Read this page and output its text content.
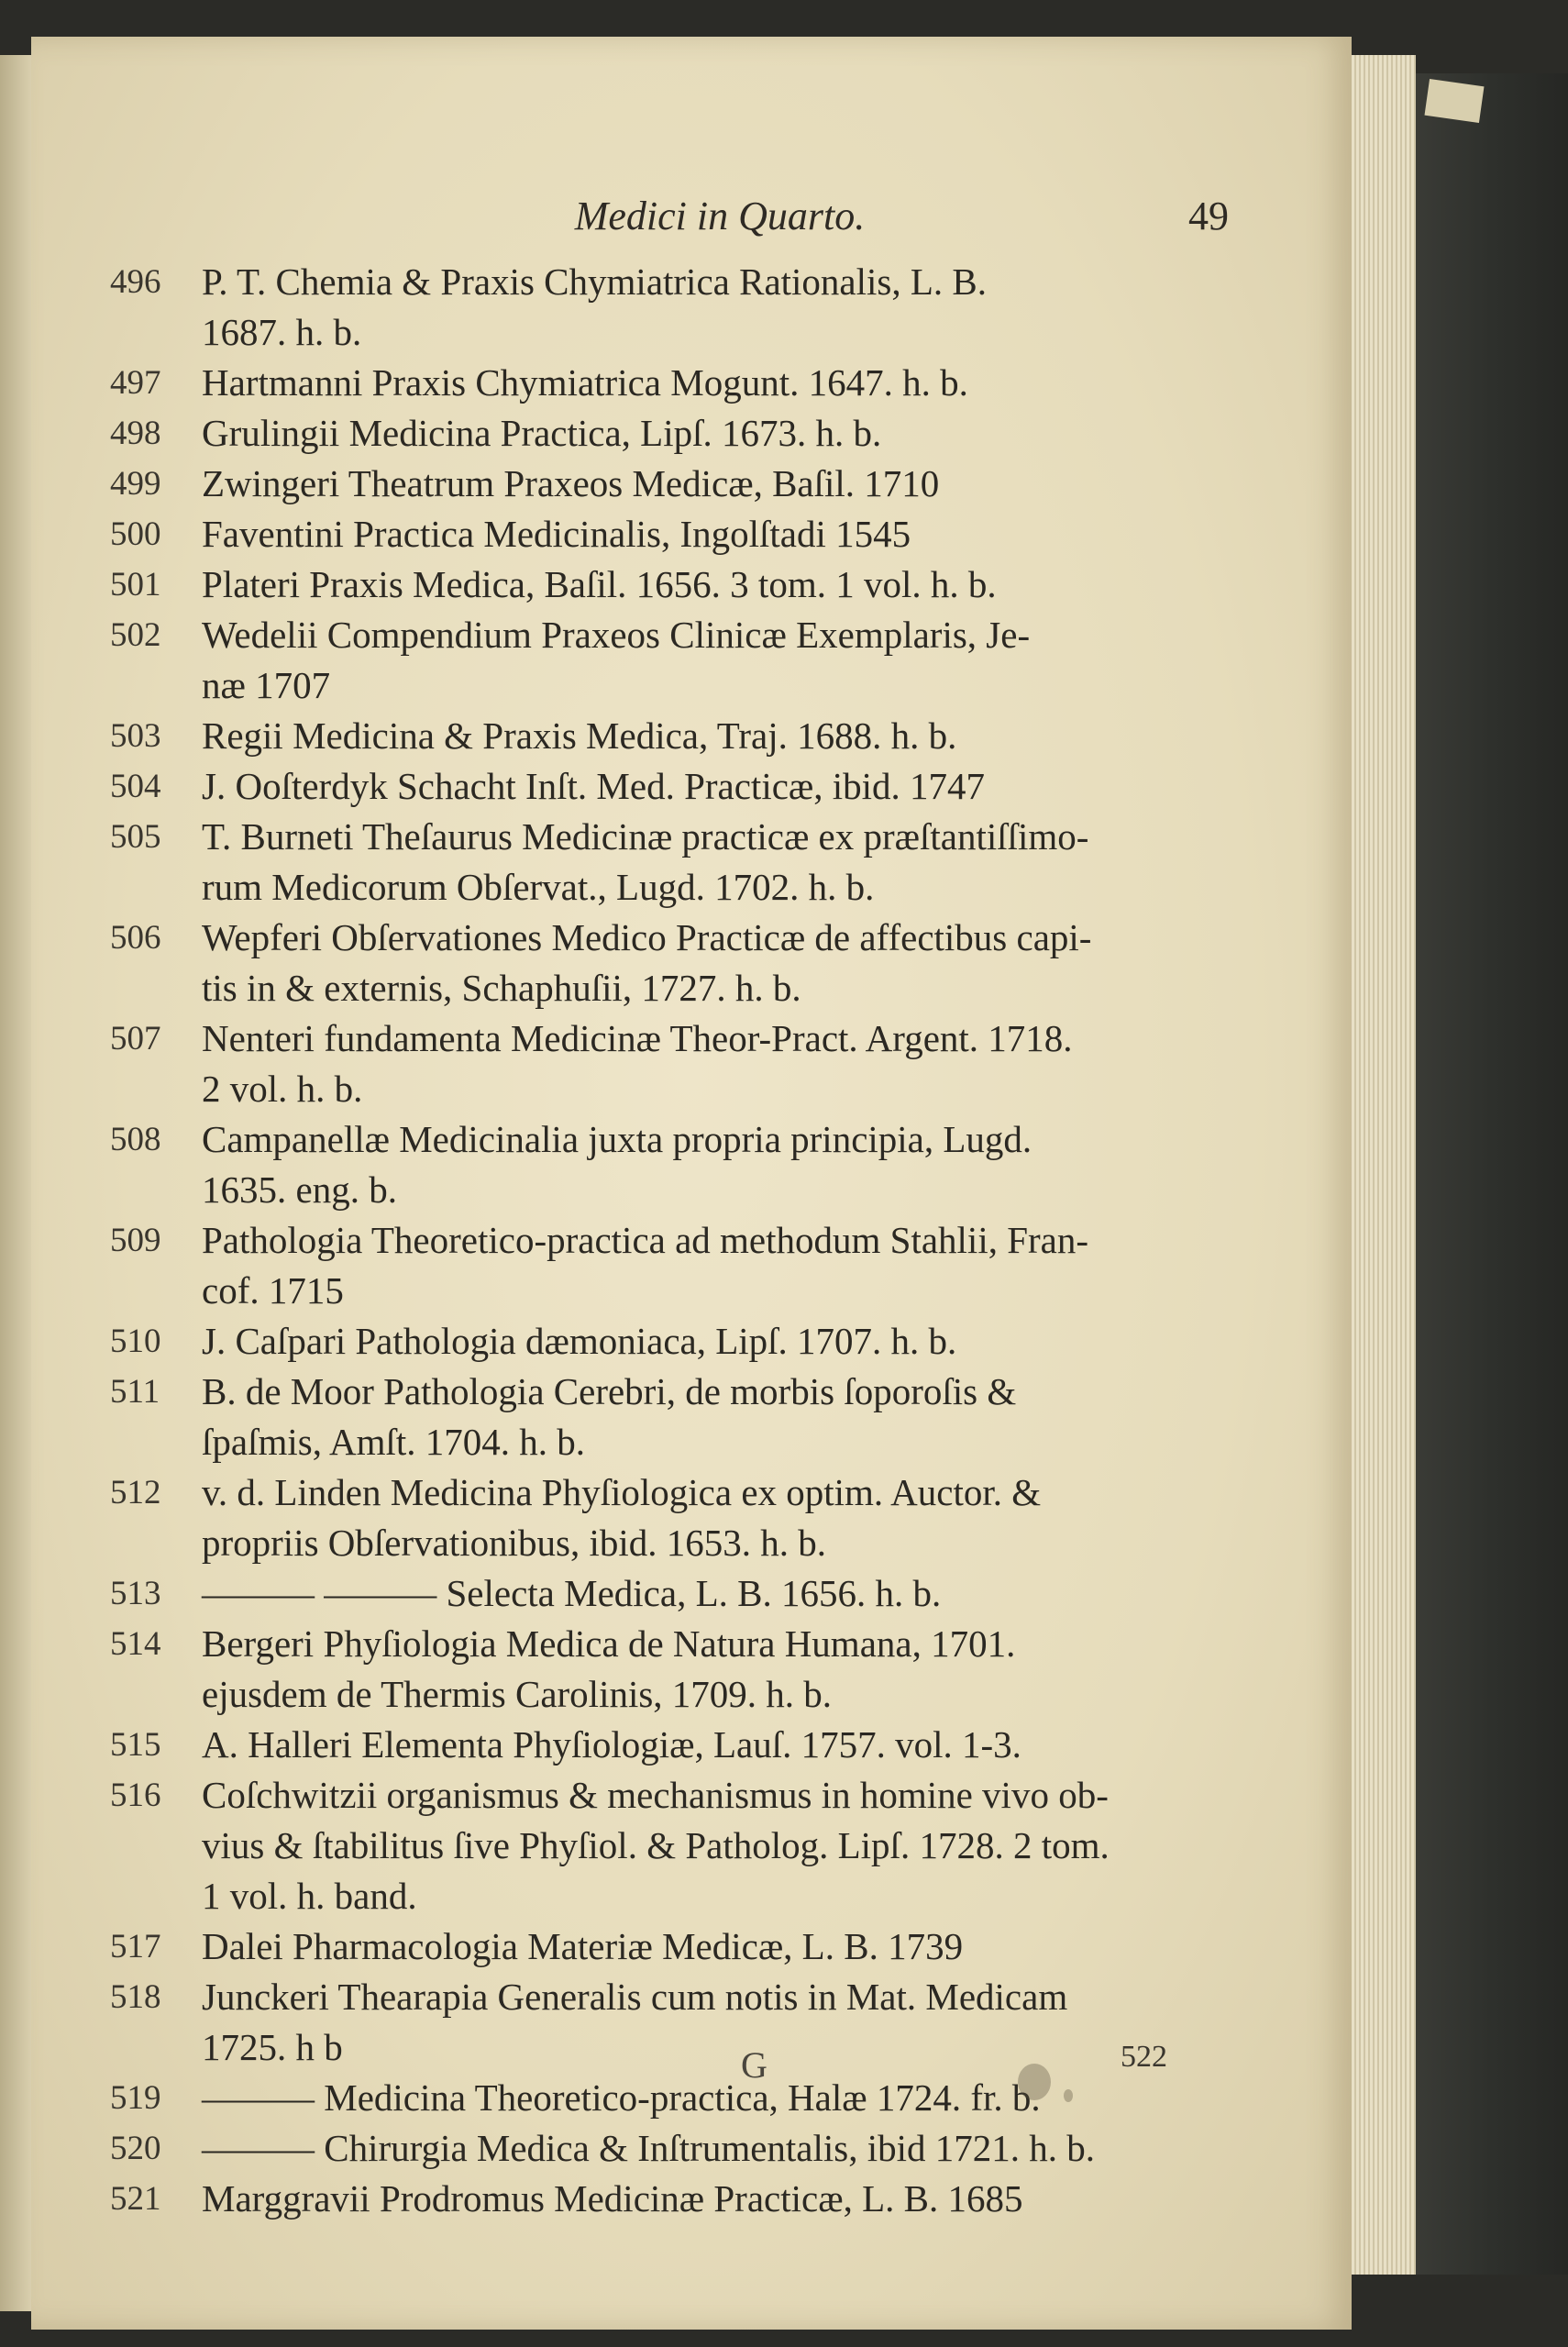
Medici in Quarto.	49
496	P. T. Chemia & Praxis Chymiatrica Rationalis, L. B.
1687. h. b.
497	Hartmanni Praxis Chymiatrica Mogunt. 1647. h. b.
498	Grulingii Medicina Practica, Lipſ. 1673. h. b.
499	Zwingeri Theatrum Praxeos Medicæ, Baſil. 1710
500	Faventini Practica Medicinalis, Ingolſtadi 1545
501	Plateri Praxis Medica, Baſil. 1656. 3 tom. 1 vol. h. b.
502	Wedelii Compendium Praxeos Clinicæ Exemplaris, Je-
næ 1707
503	Regii Medicina & Praxis Medica, Traj. 1688. h. b.
504	J. Ooſterdyk Schacht Inſt. Med. Practicæ, ibid. 1747
505	T. Burneti Theſaurus Medicinæ practicæ ex præſtantiſſimo-
rum Medicorum Obſervat., Lugd. 1702. h. b.
506	Wepferi Obſervationes Medico Practicæ de affectibus capi-
tis in & externis, Schaphuſii, 1727. h. b.
507	Nenteri fundamenta Medicinæ Theor-Pract. Argent. 1718.
2 vol. h. b.
508	Campanellæ Medicinalia juxta propria principia, Lugd.
1635. eng. b.
509	Pathologia Theoretico-practica ad methodum Stahlii, Fran-
cof. 1715
510	J. Caſpari Pathologia dæmoniaca, Lipſ. 1707. h. b.
511	B. de Moor Pathologia Cerebri, de morbis ſoporoſis &
ſpaſmis, Amſt. 1704. h. b.
512	v. d. Linden Medicina Phyſiologica ex optim. Auctor. &
propriis Obſervationibus, ibid. 1653. h. b.
513	——— ——— Selecta Medica, L. B. 1656. h. b.
514	Bergeri Phyſiologia Medica de Natura Humana, 1701.
ejusdem de Thermis Carolinis, 1709. h. b.
515	A. Halleri Elementa Phyſiologiæ, Lauſ. 1757. vol. 1-3.
516	Coſchwitzii organismus & mechanismus in homine vivo ob-
vius & ſtabilitus ſive Phyſiol. & Patholog. Lipſ. 1728. 2 tom.
1 vol. h. band.
517	Dalei Pharmacologia Materiæ Medicæ, L. B. 1739
518	Junckeri Thearapia Generalis cum notis in Mat. Medicam
1725. h b
519	——— Medicina Theoretico-practica, Halæ 1724. fr. b.
520	——— Chirurgia Medica & Inſtrumentalis, ibid 1721. h. b.
521	Marggravii Prodromus Medicinæ Practicæ, L. B. 1685
G	522
